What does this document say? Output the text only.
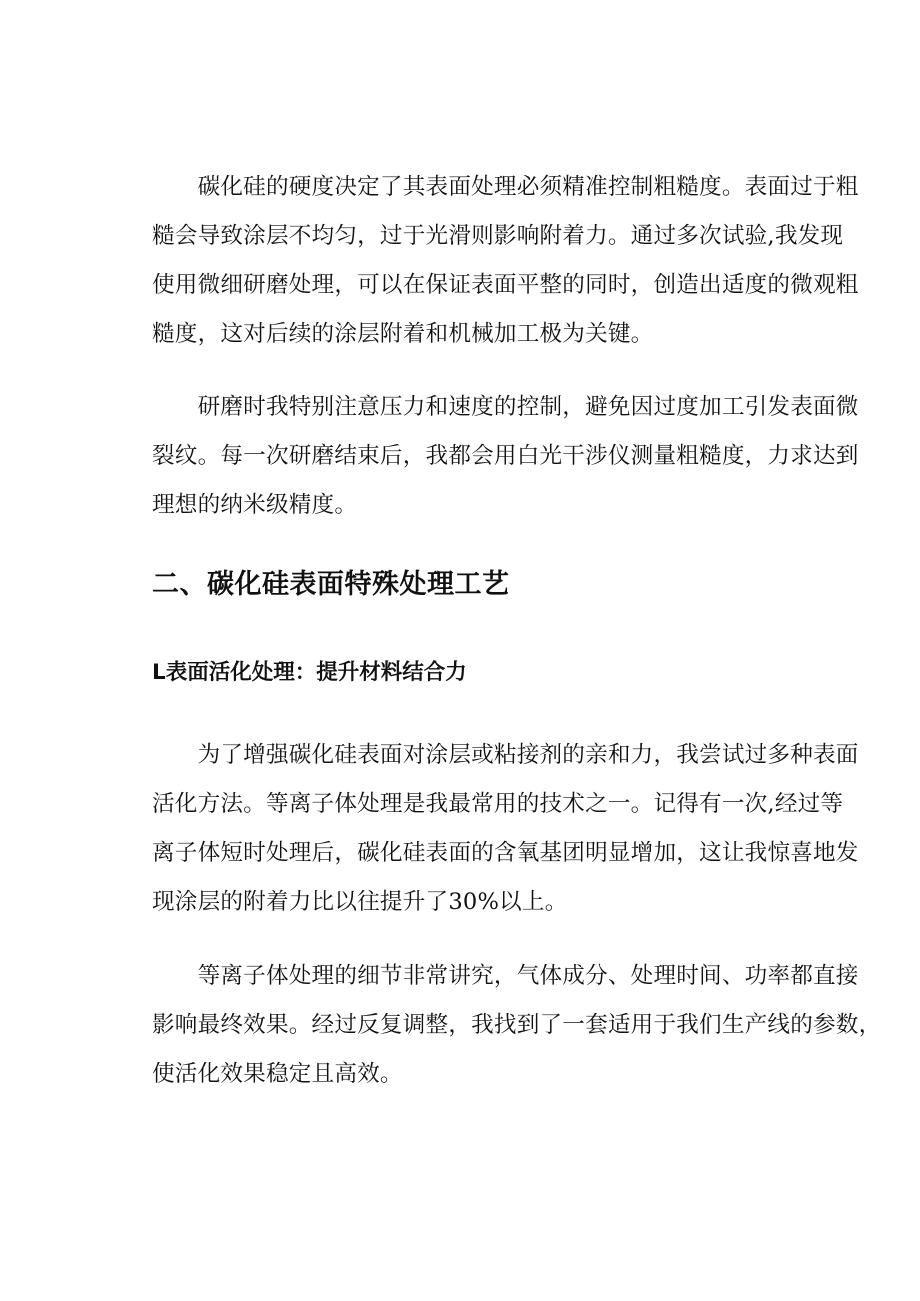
　　碳化硅的硬度决定了其表面处理必须精准控制粗糙度。表面过于粗
糙会导致涂层不均匀，过于光滑则影响附着力。通过多次试验,我发现
使用微细研磨处理，可以在保证表面平整的同时，创造出适度的微观粗
糙度，这对后续的涂层附着和机械加工极为关键。
　　研磨时我特别注意压力和速度的控制，避免因过度加工引发表面微
裂纹。每一次研磨结束后，我都会用白光干涉仪测量粗糙度，力求达到
理想的纳米级精度。
二、碳化硅表面特殊处理工艺
L表面活化处理：提升材料结合力
　　为了增强碳化硅表面对涂层或粘接剂的亲和力，我尝试过多种表面
活化方法。等离子体处理是我最常用的技术之一。记得有一次,经过等
离子体短时处理后，碳化硅表面的含氧基团明显增加，这让我惊喜地发
现涂层的附着力比以往提升了30%以上。
　　等离子体处理的细节非常讲究，气体成分、处理时间、功率都直接
影响最终效果。经过反复调整，我找到了一套适用于我们生产线的参数，
使活化效果稳定且高效。
